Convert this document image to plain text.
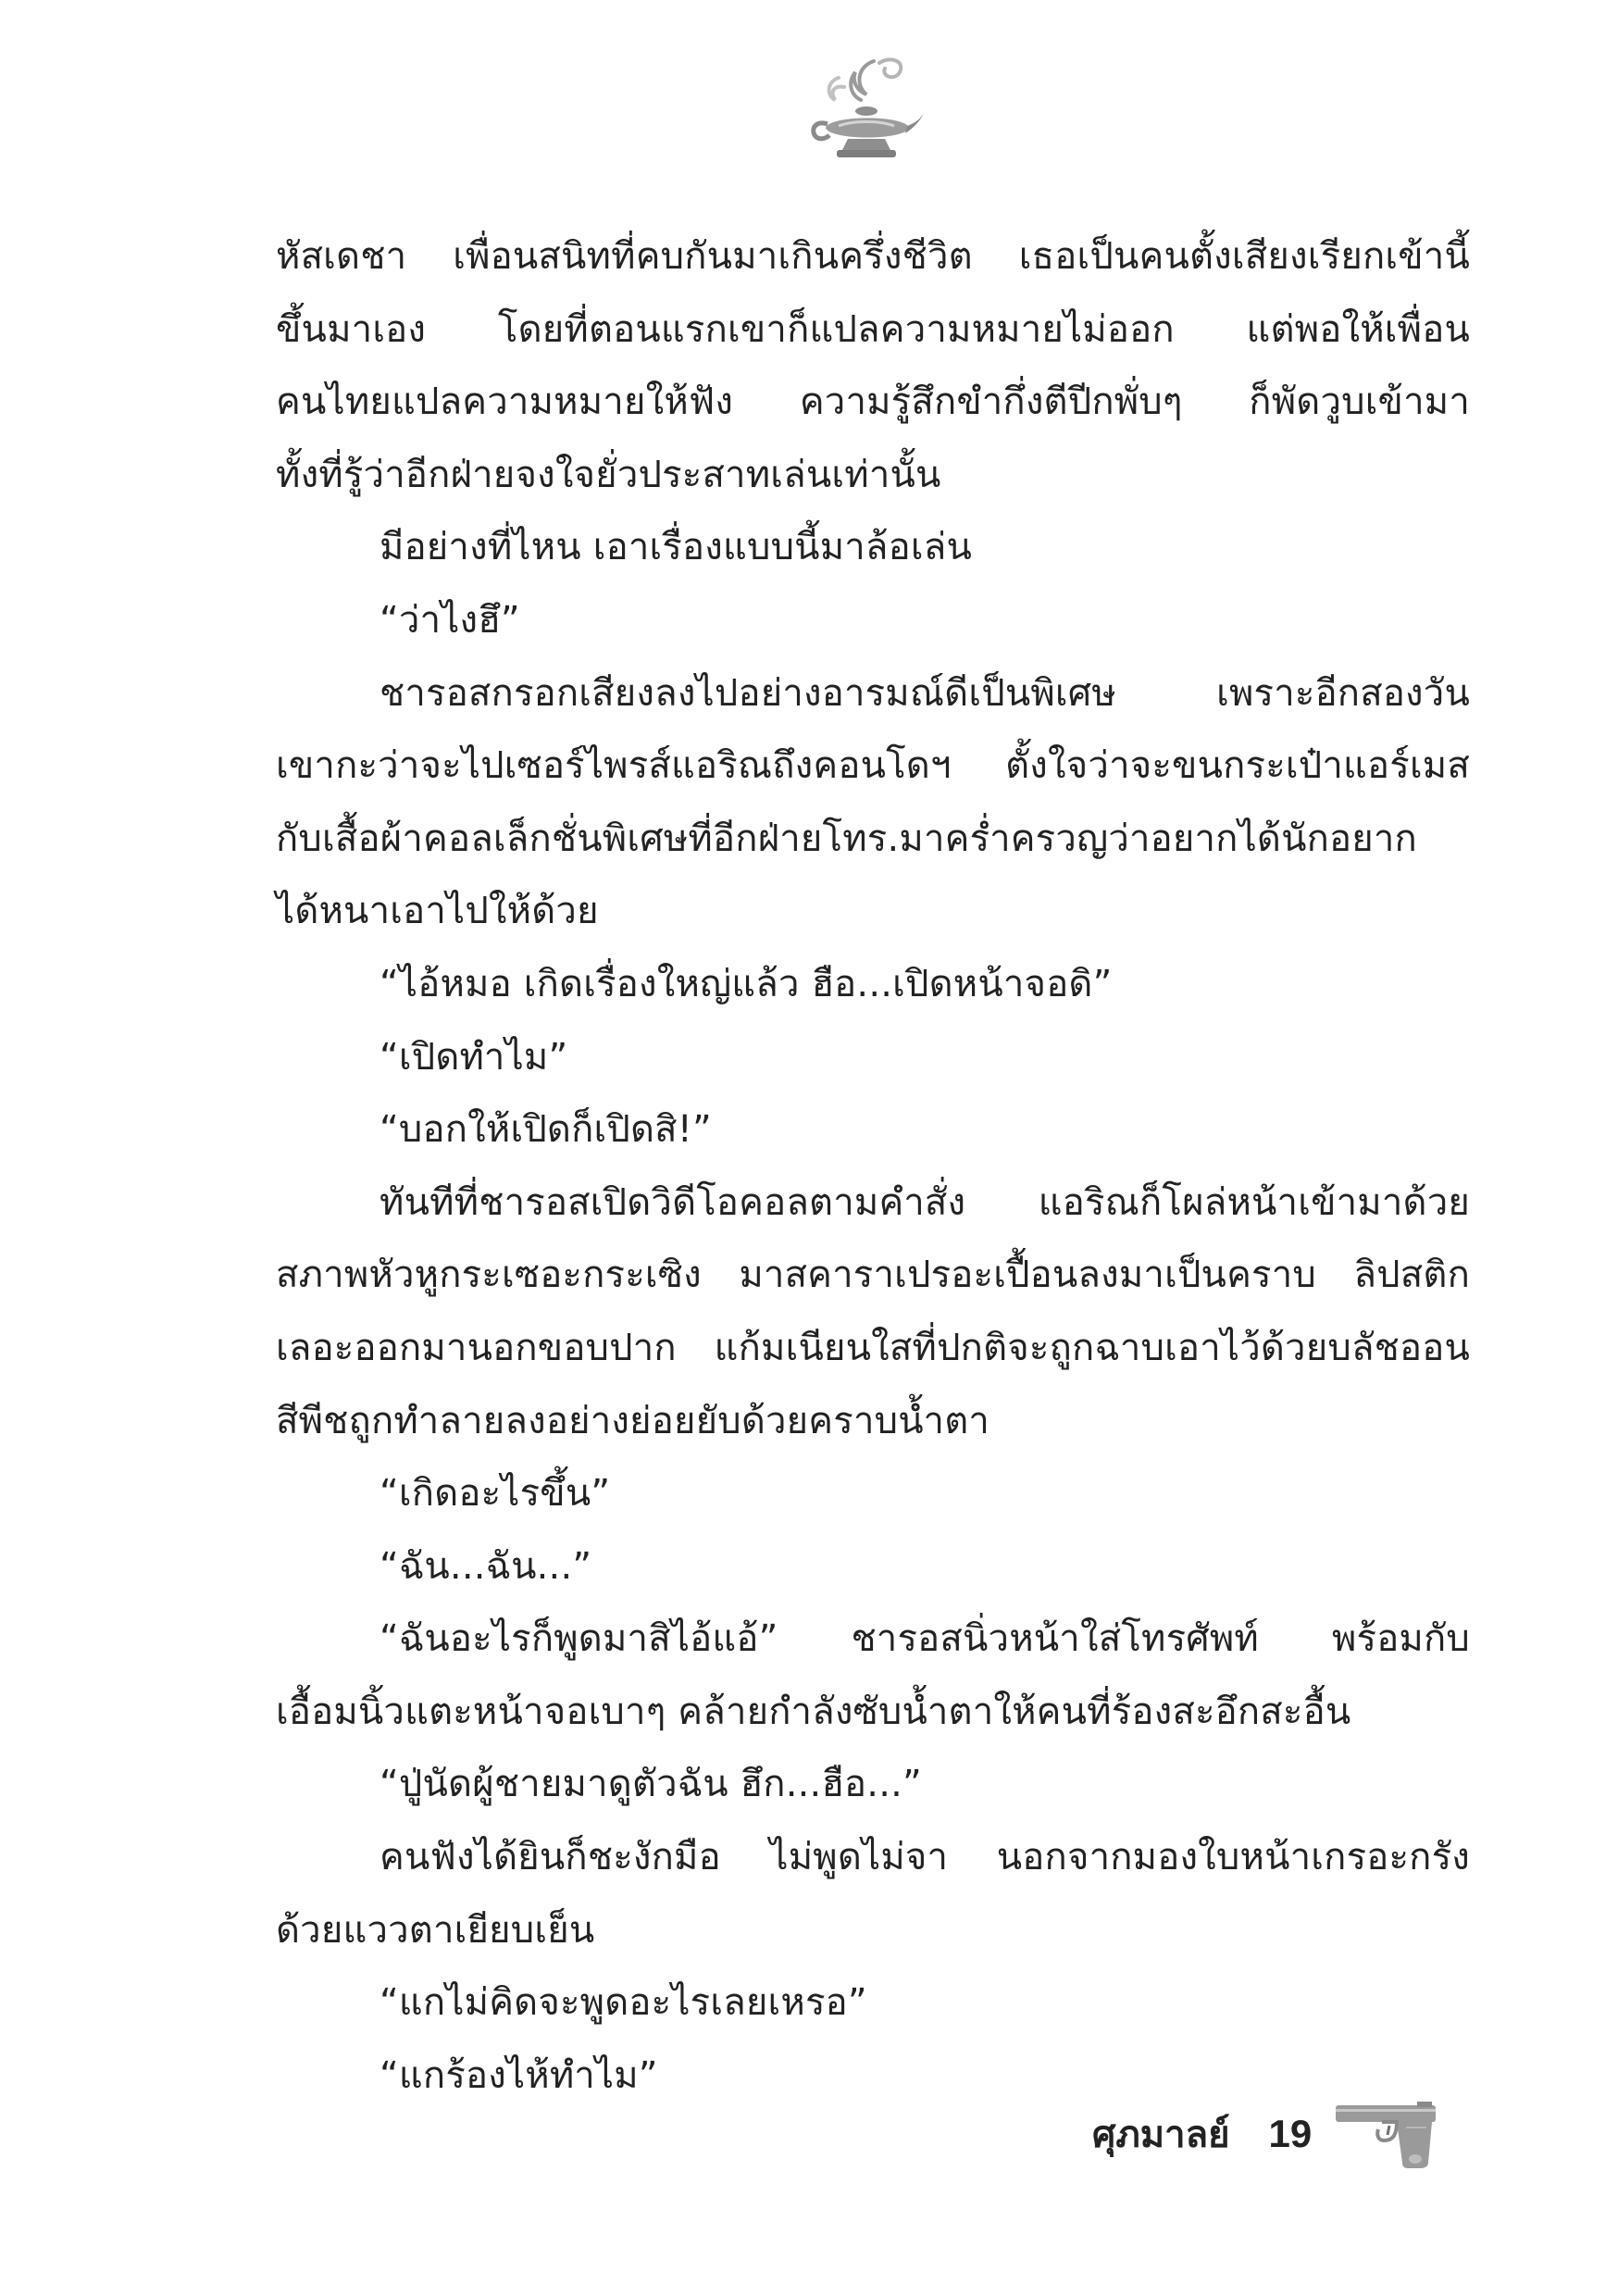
หัสเดชา เพื่อนสนิทที่คบกันมาเกินครึ่งชีวิต เธอเป็นคนตั้งเสียงเรียกเข้านี้
ขึ้นมาเอง โดยที่ตอนแรกเขาก็แปลความหมายไม่ออก แต่พอให้เพื่อน
คนไทยแปลความหมายให้ฟัง ความรู้สึกขำกึ่งตีปีกพั่บๆ ก็พัดวูบเข้ามา
ทั้งที่รู้ว่าอีกฝ่ายจงใจยั่วประสาทเล่นเท่านั้น
มีอย่างที่ไหน เอาเรื่องแบบนี้มาล้อเล่น
“ว่าไงฮึ”
ชารอสกรอกเสียงลงไปอย่างอารมณ์ดีเป็นพิเศษ เพราะอีกสองวัน
เขากะว่าจะไปเซอร์ไพรส์แอริณถึงคอนโดฯ ตั้งใจว่าจะขนกระเป๋าแอร์เมส
กับเสื้อผ้าคอลเล็กชั่นพิเศษที่อีกฝ่ายโทร.มาคร่ำครวญว่าอยากได้นักอยาก
ได้หนาเอาไปให้ด้วย
“ไอ้หมอ เกิดเรื่องใหญ่แล้ว ฮือ...เปิดหน้าจอดิ”
“เปิดทำไม”
“บอกให้เปิดก็เปิดสิ!”
ทันทีที่ชารอสเปิดวิดีโอคอลตามคำสั่ง แอริณก็โผล่หน้าเข้ามาด้วย
สภาพหัวหูกระเซอะกระเซิง มาสคาราเปรอะเปื้อนลงมาเป็นคราบ ลิปสติก
เลอะออกมานอกขอบปาก แก้มเนียนใสที่ปกติจะถูกฉาบเอาไว้ด้วยบลัชออน
สีพีชถูกทำลายลงอย่างย่อยยับด้วยคราบน้ำตา
“เกิดอะไรขึ้น”
“ฉัน...ฉัน...”
“ฉันอะไรก็พูดมาสิไอ้แอ้” ชารอสนิ่วหน้าใส่โทรศัพท์ พร้อมกับ
เอื้อมนิ้วแตะหน้าจอเบาๆ คล้ายกำลังซับน้ำตาให้คนที่ร้องสะอึกสะอื้น
“ปู่นัดผู้ชายมาดูตัวฉัน ฮึก...ฮือ...”
คนฟังได้ยินก็ชะงักมือ ไม่พูดไม่จา นอกจากมองใบหน้าเกรอะกรัง
ด้วยแววตาเยียบเย็น
“แกไม่คิดจะพูดอะไรเลยเหรอ”
“แกร้องไห้ทำไม”
ศุภมาลย์ 19
